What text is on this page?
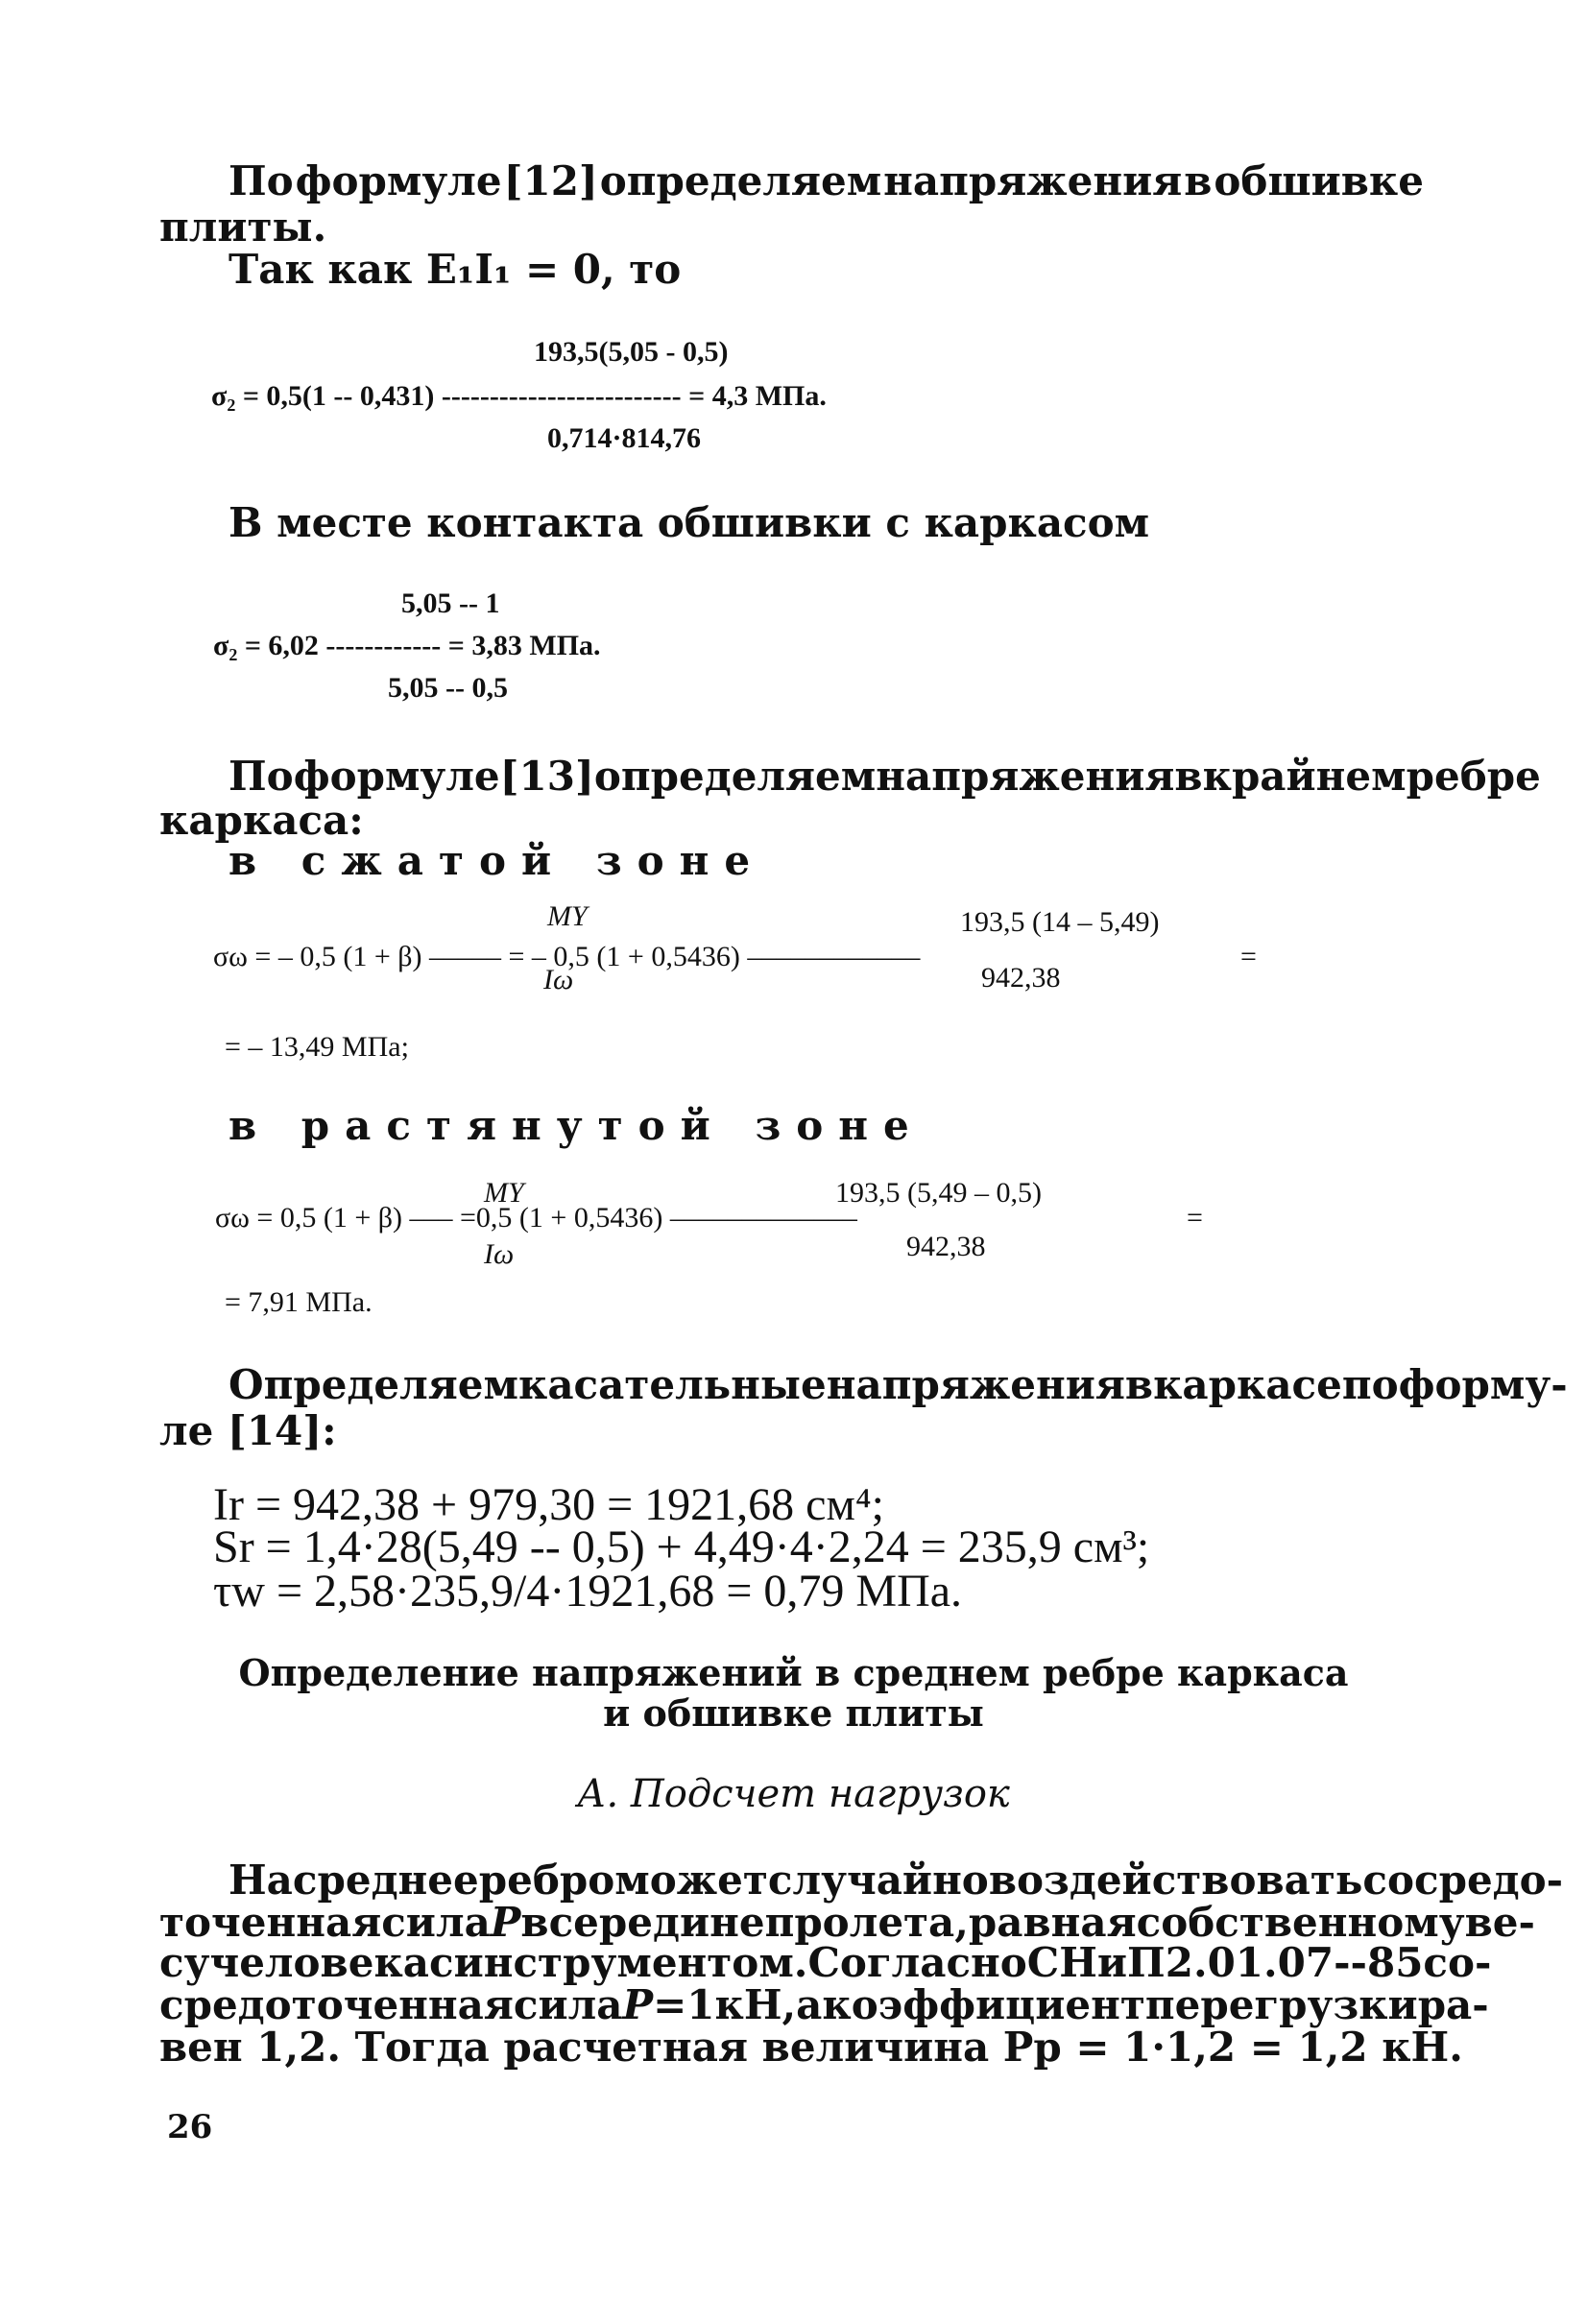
По формуле [12] определяем напряжения в обшивке
плиты.
Так как E₁I₁ = 0, то
193,5(5,05 - 0,5)
σ₂ = 0,5(1 -- 0,431) ------------------------- = 4,3 МПа.
0,714·814,76
В месте контакта обшивки с каркасом
5,05 -- 1
σ₂ = 6,02 ------------ = 3,83 МПа.
5,05 -- 0,5
По формуле [13] определяем напряжения в крайнем ребре
каркаса:
в сжатой зоне
MY	193,5 (14 – 5,49)
σω = – 0,5 (1 + β) ––––– = – 0,5 (1 + 0,5436) ––––––––––––	=
Iω	942,38
= – 13,49 МПа;
в растянутой зоне
MY	193,5 (5,49 – 0,5)
σω = 0,5 (1 + β) ––– =0,5 (1 + 0,5436) –––––––––––––	=
Iω	942,38
= 7,91 МПа.
Определяем касательные напряжения в каркасе по форму-
ле [14]:
Ir = 942,38 + 979,30 = 1921,68 см⁴;
Sr = 1,4·28(5,49 -- 0,5) + 4,49·4·2,24 = 235,9 см³;
τw = 2,58·235,9/4·1921,68 = 0,79 МПа.
Определение напряжений в среднем ребре каркаса
и обшивке плиты
А. Подсчет нагрузок
На среднее ребро может случайно воздействовать сосредо-
точенная сила P в середине пролета, равная собственному ве-
су человека с инструментом. Согласно СНиП 2.01.07 -- 85 со-
средоточенная сила P = 1 кН, а коэффициент перегрузки ра-
вен 1,2. Тогда расчетная величина Pp = 1·1,2 = 1,2 кН.
26
